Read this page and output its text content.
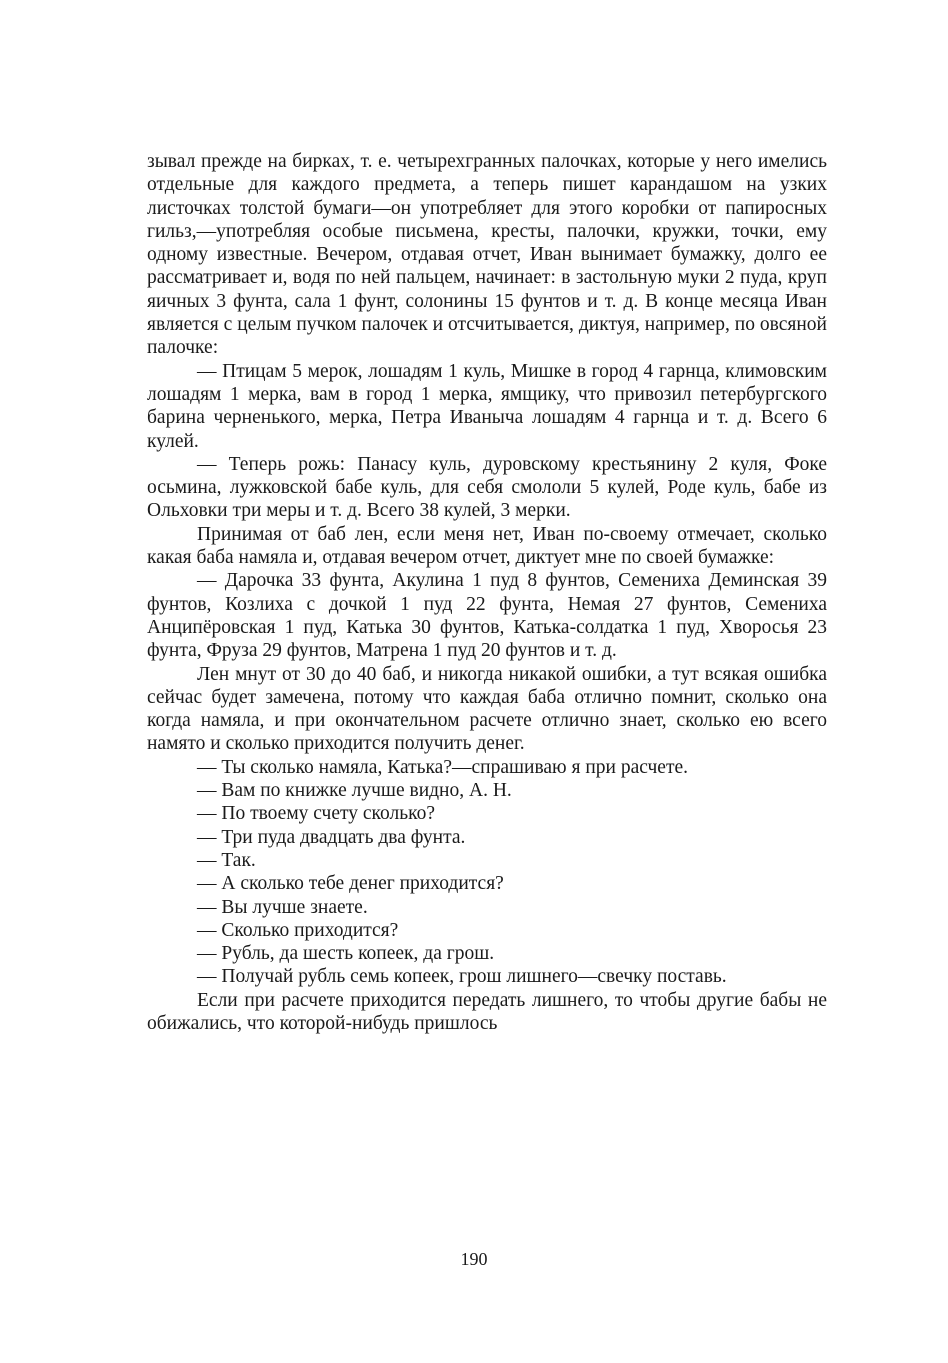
зывал прежде на бирках, т. е. четырехгранных палочках, которые у него имелись отдельные для каждого предмета, а теперь пишет карандашом на узких листочках толстой бумаги—он употребляет для этого коробки от папиросных гильз,—употребляя особые письмена, кресты, палочки, кружки, точки, ему одному известные. Вечером, отдавая отчет, Иван вынимает бумажку, долго ее рассматривает и, водя по ней пальцем, начинает: в застольную муки 2 пуда, круп яичных 3 фунта, сала 1 фунт, солонины 15 фунтов и т. д. В конце месяца Иван является с целым пучком палочек и отсчитывается, диктуя, например, по овсяной палочке:

— Птицам 5 мерок, лошадям 1 куль, Мишке в город 4 гарнца, климовским лошадям 1 мерка, вам в город 1 мерка, ямщику, что привозил петербургского барина черненького, мерка, Петра Иваныча лошадям 4 гарнца и т. д. Всего 6 кулей.

— Теперь рожь: Панасу куль, дуровскому крестьянину 2 куля, Фоке осьмина, лужковской бабе куль, для себя смололи 5 кулей, Роде куль, бабе из Ольховки три меры и т. д. Всего 38 кулей, 3 мерки.

Принимая от баб лен, если меня нет, Иван по-своему отмечает, сколько какая баба намяла и, отдавая вечером отчет, диктует мне по своей бумажке:

— Дарочка 33 фунта, Акулина 1 пуд 8 фунтов, Семениха Деминская 39 фунтов, Козлиха с дочкой 1 пуд 22 фунта, Немая 27 фунтов, Семениха Анципёровская 1 пуд, Катька 30 фунтов, Катька-солдатка 1 пуд, Хворосья 23 фунта, Фруза 29 фунтов, Матрена 1 пуд 20 фунтов и т. д.

Лен мнут от 30 до 40 баб, и никогда никакой ошибки, а тут всякая ошибка сейчас будет замечена, потому что каждая баба отлично помнит, сколько она когда намяла, и при окончательном расчете отлично знает, сколько ею всего намято и сколько приходится получить денег.

— Ты сколько намяла, Катька?—спрашиваю я при расчете.

— Вам по книжке лучше видно, А. Н.

— По твоему счету сколько?

— Три пуда двадцать два фунта.

— Так.

— А сколько тебе денег приходится?

— Вы лучше знаете.

— Сколько приходится?

— Рубль, да шесть копеек, да грош.

— Получай рубль семь копеек, грош лишнего—свечку поставь.

Если при расчете приходится передать лишнего, то чтобы другие бабы не обижались, что которой-нибудь пришлось

190
